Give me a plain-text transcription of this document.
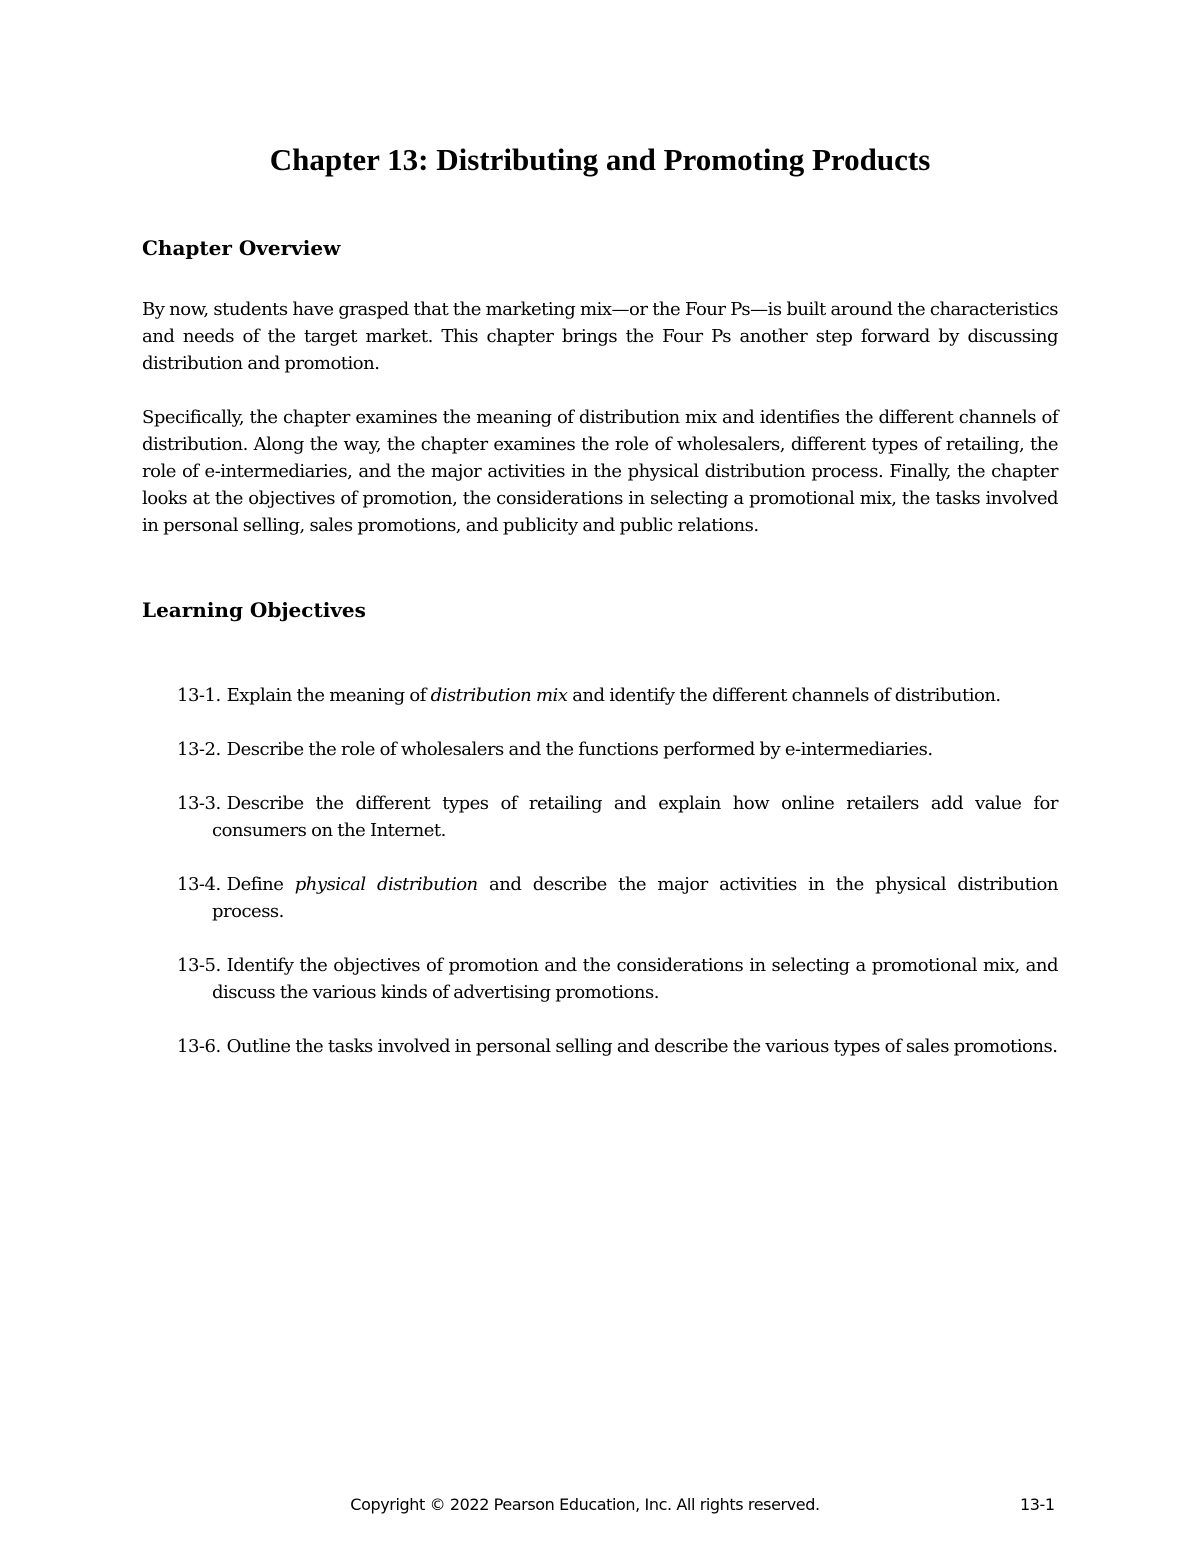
Chapter 13: Distributing and Promoting Products
Chapter Overview

By now, students have grasped that the marketing mix—or the Four Ps—is built around the characteristics and needs of the target market. This chapter brings the Four Ps another step forward by discussing distribution and promotion.

Specifically, the chapter examines the meaning of distribution mix and identifies the different channels of distribution. Along the way, the chapter examines the role of wholesalers, different types of retailing, the role of e-intermediaries, and the major activities in the physical distribution process. Finally, the chapter looks at the objectives of promotion, the considerations in selecting a promotional mix, the tasks involved in personal selling, sales promotions, and publicity and public relations.

Learning Objectives
13-1. Explain the meaning of distribution mix and identify the different channels of distribution.
13-2. Describe the role of wholesalers and the functions performed by e-intermediaries.
13-3. Describe the different types of retailing and explain how online retailers add value for consumers on the Internet.
13-4. Define physical distribution and describe the major activities in the physical distribution process.
13-5. Identify the objectives of promotion and the considerations in selecting a promotional mix, and discuss the various kinds of advertising promotions.
13-6. Outline the tasks involved in personal selling and describe the various types of sales promotions.
Copyright © 2022 Pearson Education, Inc. All rights reserved.	13-1
